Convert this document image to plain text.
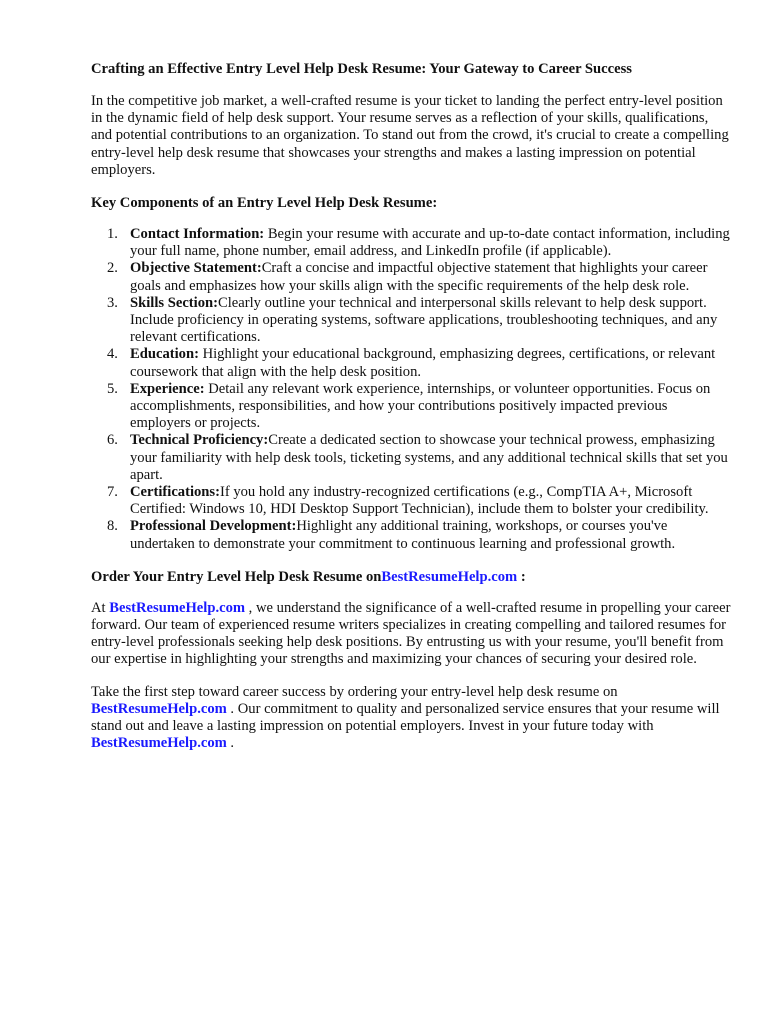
Crafting an Effective Entry Level Help Desk Resume: Your Gateway to Career Success

In the competitive job market, a well-crafted resume is your ticket to landing the perfect entry-level position in the dynamic field of help desk support. Your resume serves as a reflection of your skills, qualifications, and potential contributions to an organization. To stand out from the crowd, it's crucial to create a compelling entry-level help desk resume that showcases your strengths and makes a lasting impression on potential employers.

Key Components of an Entry Level Help Desk Resume:
1. Contact Information: Begin your resume with accurate and up-to-date contact information, including your full name, phone number, email address, and LinkedIn profile (if applicable).
2. Objective Statement:Craft a concise and impactful objective statement that highlights your career goals and emphasizes how your skills align with the specific requirements of the help desk role.
3. Skills Section:Clearly outline your technical and interpersonal skills relevant to help desk support. Include proficiency in operating systems, software applications, troubleshooting techniques, and any relevant certifications.
4. Education: Highlight your educational background, emphasizing degrees, certifications, or relevant coursework that align with the help desk position.
5. Experience: Detail any relevant work experience, internships, or volunteer opportunities. Focus on accomplishments, responsibilities, and how your contributions positively impacted previous employers or projects.
6. Technical Proficiency:Create a dedicated section to showcase your technical prowess, emphasizing your familiarity with help desk tools, ticketing systems, and any additional technical skills that set you apart.
7. Certifications:If you hold any industry-recognized certifications (e.g., CompTIA A+, Microsoft Certified: Windows 10, HDI Desktop Support Technician), include them to bolster your credibility.
8. Professional Development:Highlight any additional training, workshops, or courses you've undertaken to demonstrate your commitment to continuous learning and professional growth.
Order Your Entry Level Help Desk Resume onBestResumeHelp.com :

At BestResumeHelp.com , we understand the significance of a well-crafted resume in propelling your career forward. Our team of experienced resume writers specializes in creating compelling and tailored resumes for entry-level professionals seeking help desk positions. By entrusting us with your resume, you'll benefit from our expertise in highlighting your strengths and maximizing your chances of securing your desired role.

Take the first step toward career success by ordering your entry-level help desk resume on BestResumeHelp.com . Our commitment to quality and personalized service ensures that your resume will stand out and leave a lasting impression on potential employers. Invest in your future today with BestResumeHelp.com .
